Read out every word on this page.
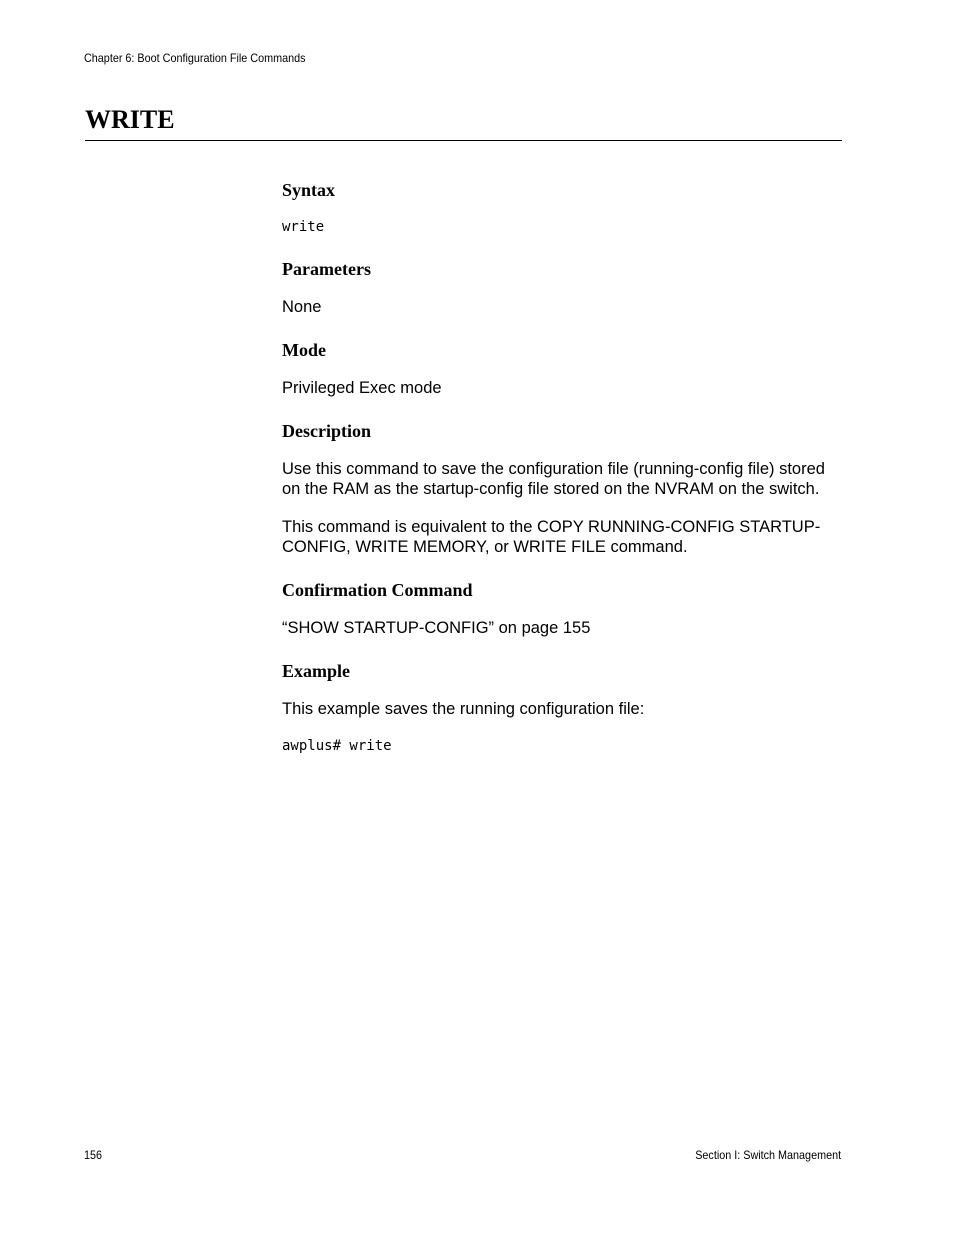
Chapter 6: Boot Configuration File Commands
WRITE
Syntax

write

Parameters

None

Mode

Privileged Exec mode

Description
Use this command to save the configuration file (running-config file) stored
on the RAM as the startup-config file stored on the NVRAM on the switch.
This command is equivalent to the COPY RUNNING-CONFIG STARTUP-
CONFIG, WRITE MEMORY, or WRITE FILE command.
Confirmation Command

“SHOW STARTUP-CONFIG” on page 155

Example

This example saves the running configuration file:

awplus# write

156	Section I: Switch Management
